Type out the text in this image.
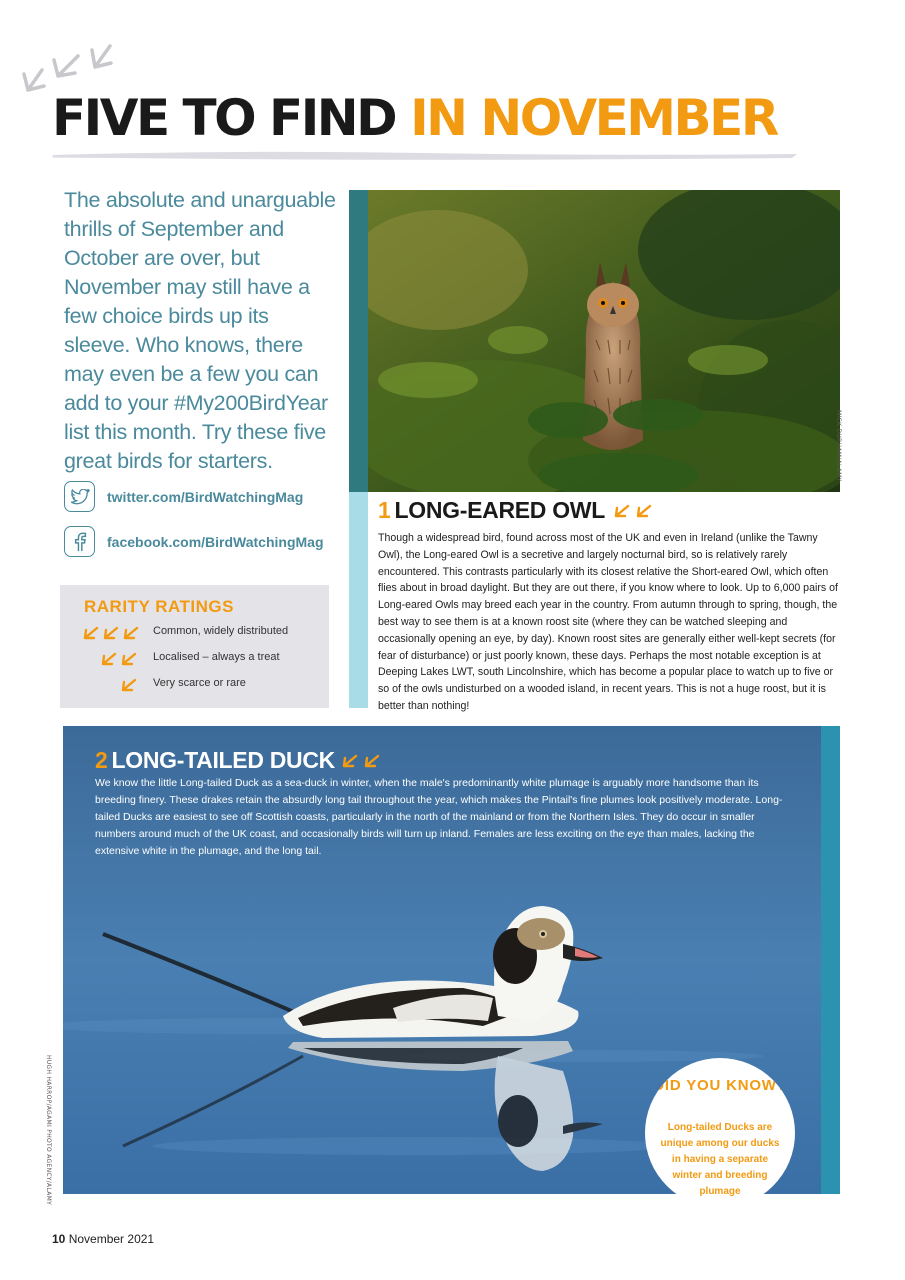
FIVE TO FIND IN NOVEMBER

The absolute and unarguable thrills of September and October are over, but November may still have a few choice birds up its sleeve. Who knows, there may even be a few you can add to your #My200BirdYear list this month. Try these five great birds for starters.

twitter.com/BirdWatchingMag
facebook.com/BirdWatchingMag
RARITY RATINGS
Common, widely distributed
Localised – always a treat
Very scarce or rare
MICK DURHAM/ALAMY
1 LONG-EARED OWL

Though a widespread bird, found across most of the UK and even in Ireland (unlike the Tawny Owl), the Long-eared Owl is a secretive and largely nocturnal bird, so is relatively rarely encountered. This contrasts particularly with its closest relative the Short-eared Owl, which often flies about in broad daylight. But they are out there, if you know where to look. Up to 6,000 pairs of Long-eared Owls may breed each year in the country. From autumn through to spring, though, the best way to see them is at a known roost site (where they can be watched sleeping and occasionally opening an eye, by day). Known roost sites are generally either well-kept secrets (for fear of disturbance) or just poorly known, these days. Perhaps the most notable exception is at Deeping Lakes LWT, south Lincolnshire, which has become a popular place to watch up to five or so of the owls undisturbed on a wooded island, in recent years. This is not a huge roost, but it is better than nothing!

HUGH HARROP/AGAMI PHOTO AGENCY/ALAMY
2 LONG-TAILED DUCK

We know the little Long-tailed Duck as a sea-duck in winter, when the male's predominantly white plumage is arguably more handsome than its breeding finery. These drakes retain the absurdly long tail throughout the year, which makes the Pintail's fine plumes look positively moderate. Long-tailed Ducks are easiest to see off Scottish coasts, particularly in the north of the mainland or from the Northern Isles. They do occur in smaller numbers around much of the UK coast, and occasionally birds will turn up inland. Females are less exciting on the eye than males, lacking the extensive white in the plumage, and the long tail.

DID YOU KNOW?
Long-tailed Ducks are unique among our ducks in having a separate winter and breeding plumage
10 November 2021
